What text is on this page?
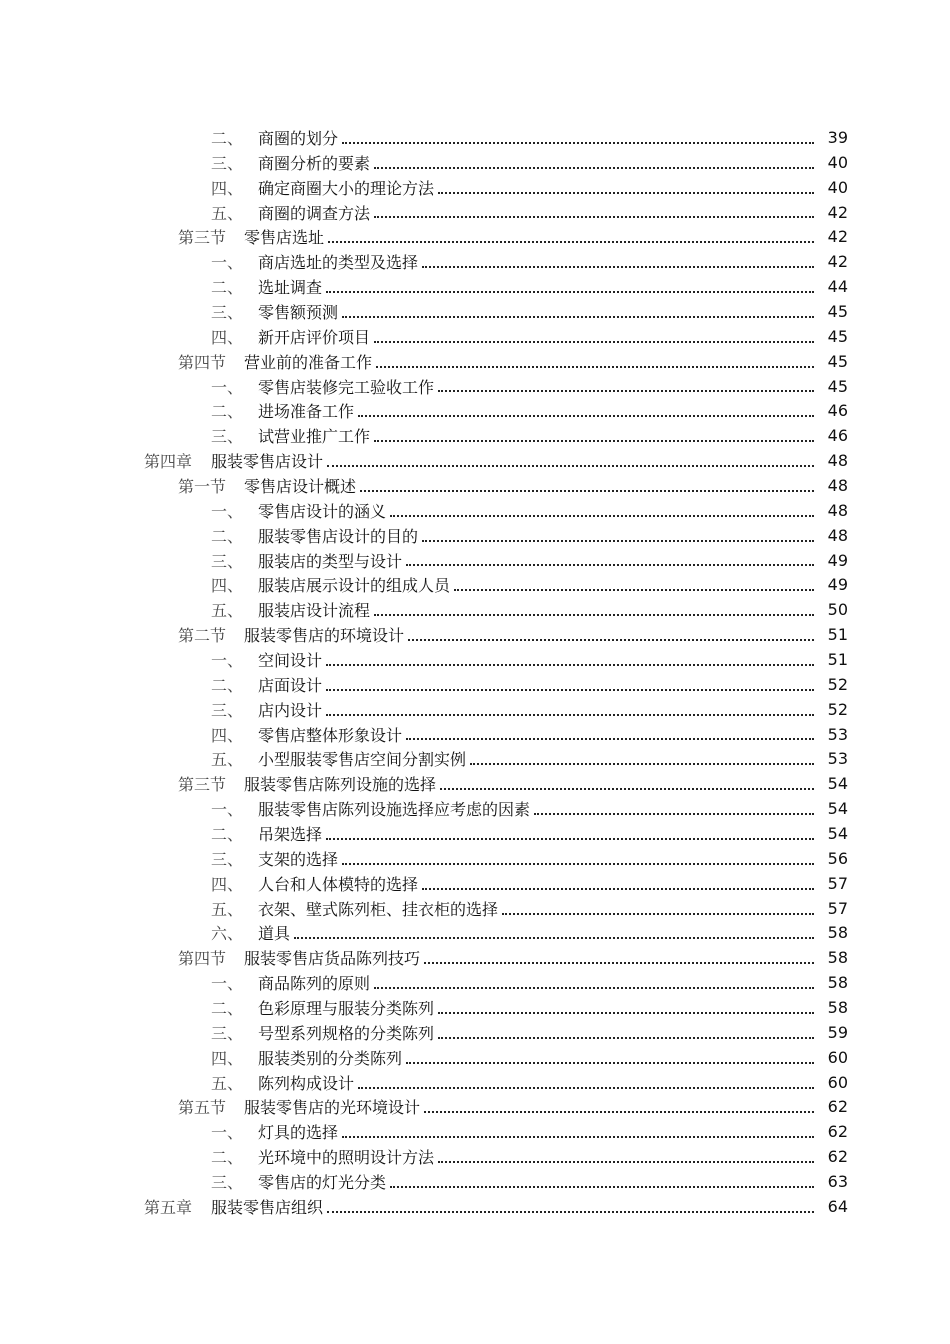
二、 商圈的划分	39
三、 商圈分析的要素	40
四、 确定商圈大小的理论方法	40
五、 商圈的调查方法	42
第三节	零售店选址	42
一、 商店选址的类型及选择	42
二、 选址调查	44
三、 零售额预测	45
四、 新开店评价项目	45
第四节	营业前的准备工作	45
一、 零售店装修完工验收工作	45
二、 进场准备工作	46
三、 试营业推广工作	46
第四章	服装零售店设计	48
第一节	零售店设计概述	48
一、 零售店设计的涵义	48
二、 服装零售店设计的目的	48
三、 服装店的类型与设计	49
四、 服装店展示设计的组成人员	49
五、 服装店设计流程	50
第二节	服装零售店的环境设计	51
一、 空间设计	51
二、 店面设计	52
三、 店内设计	52
四、 零售店整体形象设计	53
五、 小型服装零售店空间分割实例	53
第三节	服装零售店陈列设施的选择	54
一、 服装零售店陈列设施选择应考虑的因素	54
二、 吊架选择	54
三、 支架的选择	56
四、 人台和人体模特的选择	57
五、 衣架、壁式陈列柜、挂衣柜的选择	57
六、 道具	58
第四节	服装零售店货品陈列技巧	58
一、 商品陈列的原则	58
二、 色彩原理与服装分类陈列	58
三、 号型系列规格的分类陈列	59
四、 服装类别的分类陈列	60
五、 陈列构成设计	60
第五节	服装零售店的光环境设计	62
一、 灯具的选择	62
二、 光环境中的照明设计方法	62
三、 零售店的灯光分类	63
第五章	服装零售店组织	64
